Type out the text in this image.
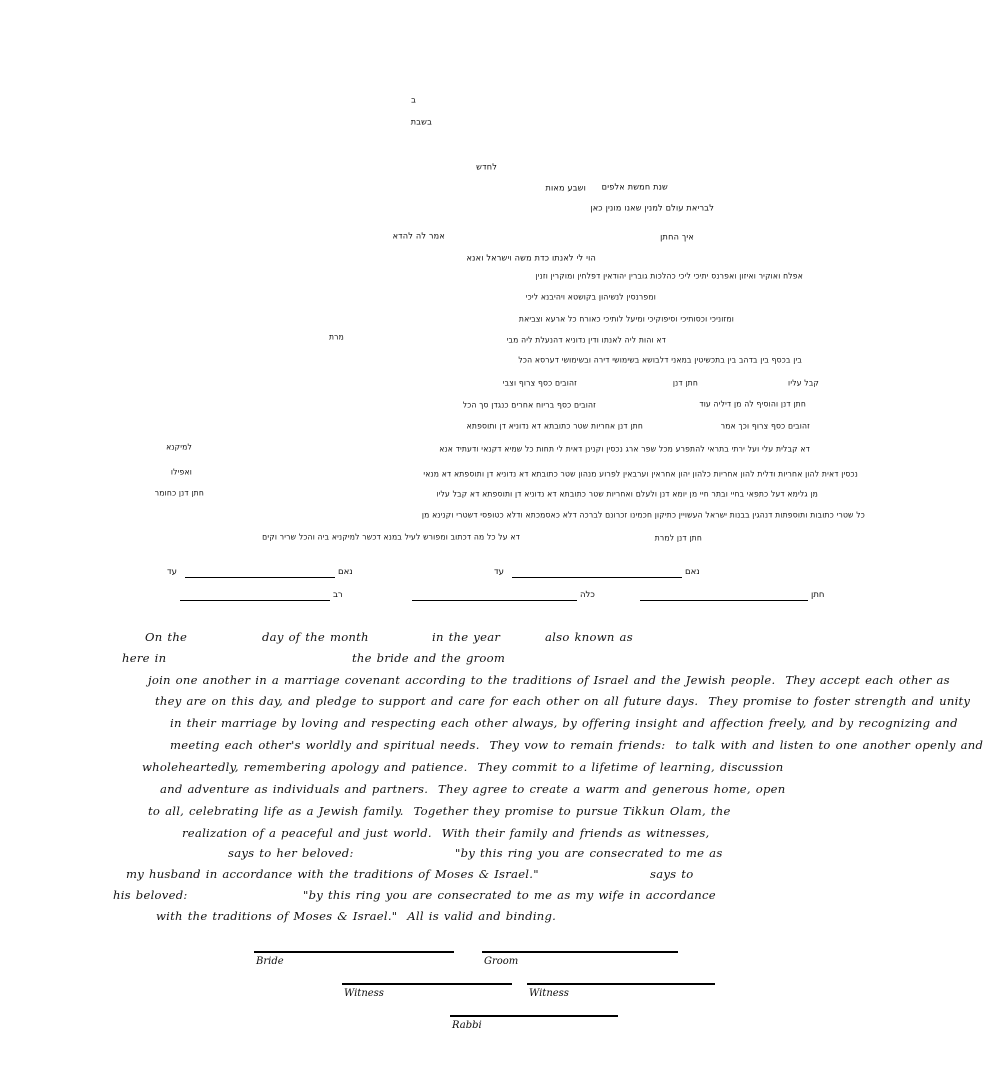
ב
בשבת
לחדש
שנת חמשת אלפים
ושבע מאות
לבריאת עולם למנין שאנו מונין כאן
איך החתן
אמר לה להדא
הוי לי לאנתו כדת משה וישראל ואנא
אפלח ואוקיר ואיזון ואפרנס יתיכי ליכי כהלכות גוברין יהודאין דפלחין ומוקרין וזנין
ומפרנסין לנשיהון בקושטא ויהיבנא ליכי
ומזוניכי וכסותיכי וסיפוקיכי ומיעל לותיכי כאורח כל ארעא וצביאת
מרת	דא והות ליה לאנתו ודין נדוניא דהנעלת ליה מבי
בין בכסף בין בדהב בין בתכשיטין במאני דלבושא בשימושי דירה ובשימושי דערסא הכל
קבל עליו
חתן דנן
זהובים כסף צרוף וצבי
חתן דנן והוסיף לה מן דיליה עוד
זהובים כסף בריוח אחרים כנגדן סך הכל
זהובים כסף צרוף וכך אמר
חתן דנן אחריות שטר כתובתא דא נדוניא דן ותוספתא
דא קבלית עלי ועל ירתי בתראי להתפרע מכל שפר ארג נכסין וקנינן דאית לי תחות כל שמיא דקנאי ודעתיד אנא
למיקנא
נכסין דאית להון אחריות ודלית להון אחריות כלהון יהון אחראין וערבאין לפרוע מנהון שטר כתובתא דא נדוניא דן ותוספתא דא מנאי
ואפילו
מן גלימא דעל כתפאי בחיי ובתר חיי מן יומא דנן ולעלם ואחריות שטר כתובתא דא נדוניא דן ותוספתא דא קבל עליו
חתן דנן כחומר
כל שטרי כתובות ותוספתות דנהגין בבנות ישראל העשויין כתיקון חכמינו זכרונם לברכה דלא כאסמכתא ודלא כטופסי דשטרי וקנינא מן
חתן דנן למרת
דא על כל מה דכתוב ומפורש לעיל במנא דכשר למיקניא ביה והכל שריר וקים
עד	נאם	עד	נאם
רב	כלה	חתן
On the	day of the month	in the year	also known as
here in	the bride and the groom
join one another in a marriage covenant according to the traditions of Israel and the Jewish people.  They accept each other as
they are on this day, and pledge to support and care for each other on all future days.  They promise to foster strength and unity
in their marriage by loving and respecting each other always, by offering insight and affection freely, and by recognizing and
meeting each other's worldly and spiritual needs.  They vow to remain friends:  to talk with and listen to one another openly and
wholeheartedly, remembering apology and patience.  They commit to a lifetime of learning, discussion
and adventure as individuals and partners.  They agree to create a warm and generous home, open
to all, celebrating life as a Jewish family.  Together they promise to pursue Tikkun Olam, the
realization of a peaceful and just world.  With their family and friends as witnesses,
says to her beloved:	"by this ring you are consecrated to me as
my husband in accordance with the traditions of Moses & Israel."	says to
his beloved:	"by this ring you are consecrated to me as my wife in accordance
with the traditions of Moses & Israel."  All is valid and binding.
Bride	Groom
Witness	Witness
Rabbi
